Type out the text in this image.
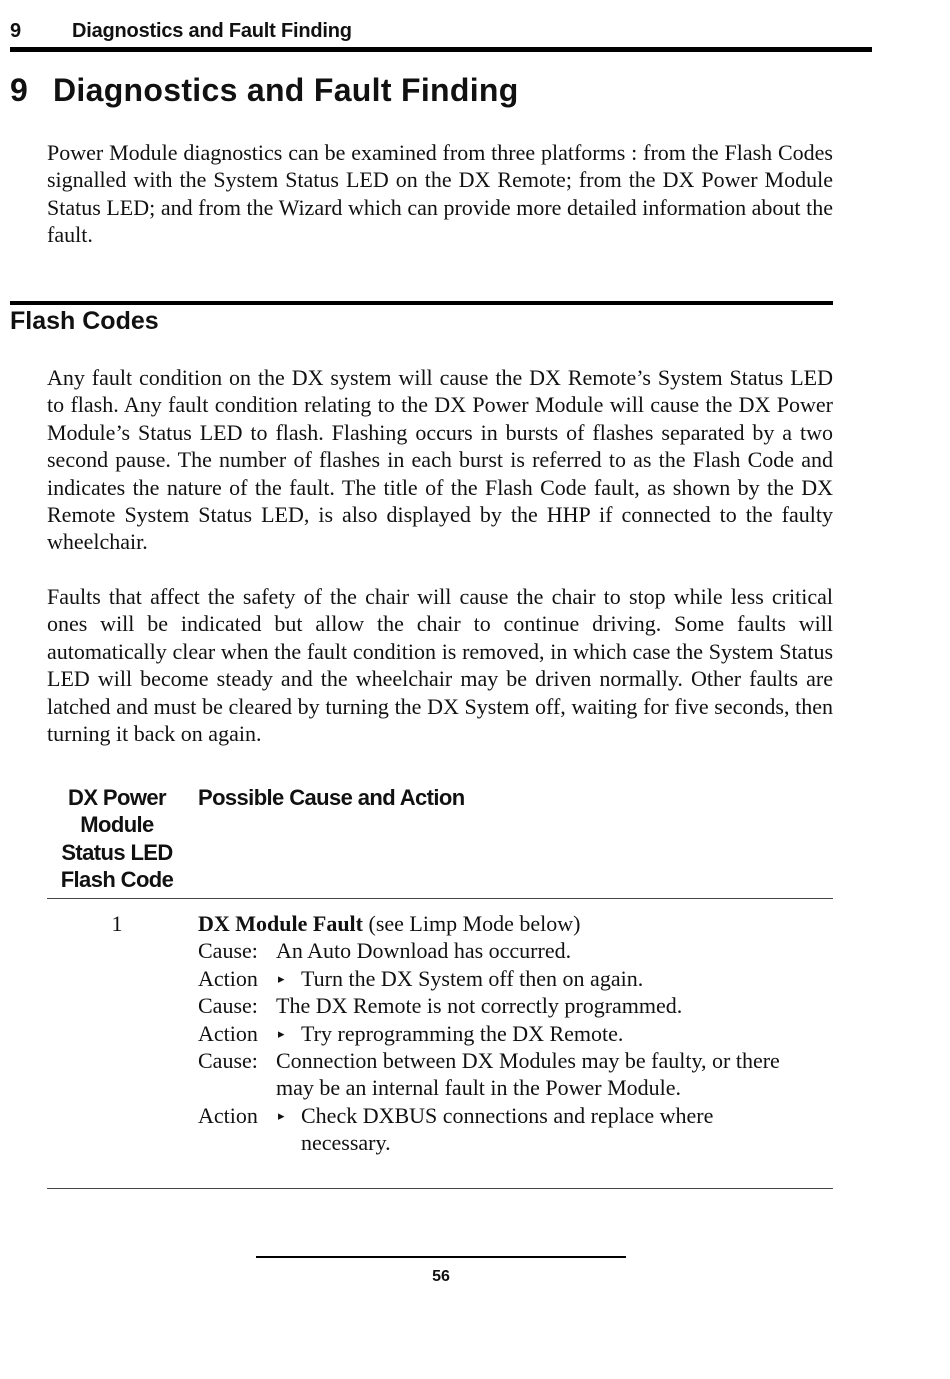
9	Diagnostics and Fault Finding
9 Diagnostics and Fault Finding

Power Module diagnostics can be examined from three platforms : from the Flash Codes signalled with the System Status LED on the DX Remote; from the DX Power Module Status LED; and from the Wizard which can provide more detailed information about the fault.

Flash Codes

Any fault condition on the DX system will cause the DX Remote’s System Status LED to flash. Any fault condition relating to the DX Power Module will cause the DX Power Module’s Status LED to flash. Flashing occurs in bursts of flashes separated by a two second pause. The number of flashes in each burst is referred to as the Flash Code and indicates the nature of the fault. The title of the Flash Code fault, as shown by the DX Remote System Status LED, is also displayed by the HHP if connected to the faulty wheelchair.

Faults that affect the safety of the chair will cause the chair to stop while less critical ones will be indicated but allow the chair to continue driving. Some faults will automatically clear when the fault condition is removed, in which case the System Status LED will become steady and the wheelchair may be driven normally. Other faults are latched and must be cleared by turning the DX System off, waiting for five seconds, then turning it back on again.

DX Power
Module
Status LED
Flash Code
Possible Cause and Action
1	DX Module Fault (see Limp Mode below)
Cause: An Auto Download has occurred.
Action ▸ Turn the DX System off then on again.
Cause: The DX Remote is not correctly programmed.
Action ▸ Try reprogramming the DX Remote.
Cause: Connection between DX Modules may be faulty, or there may be an internal fault in the Power Module.
Action ▸ Check DXBUS connections and replace where necessary.
56
